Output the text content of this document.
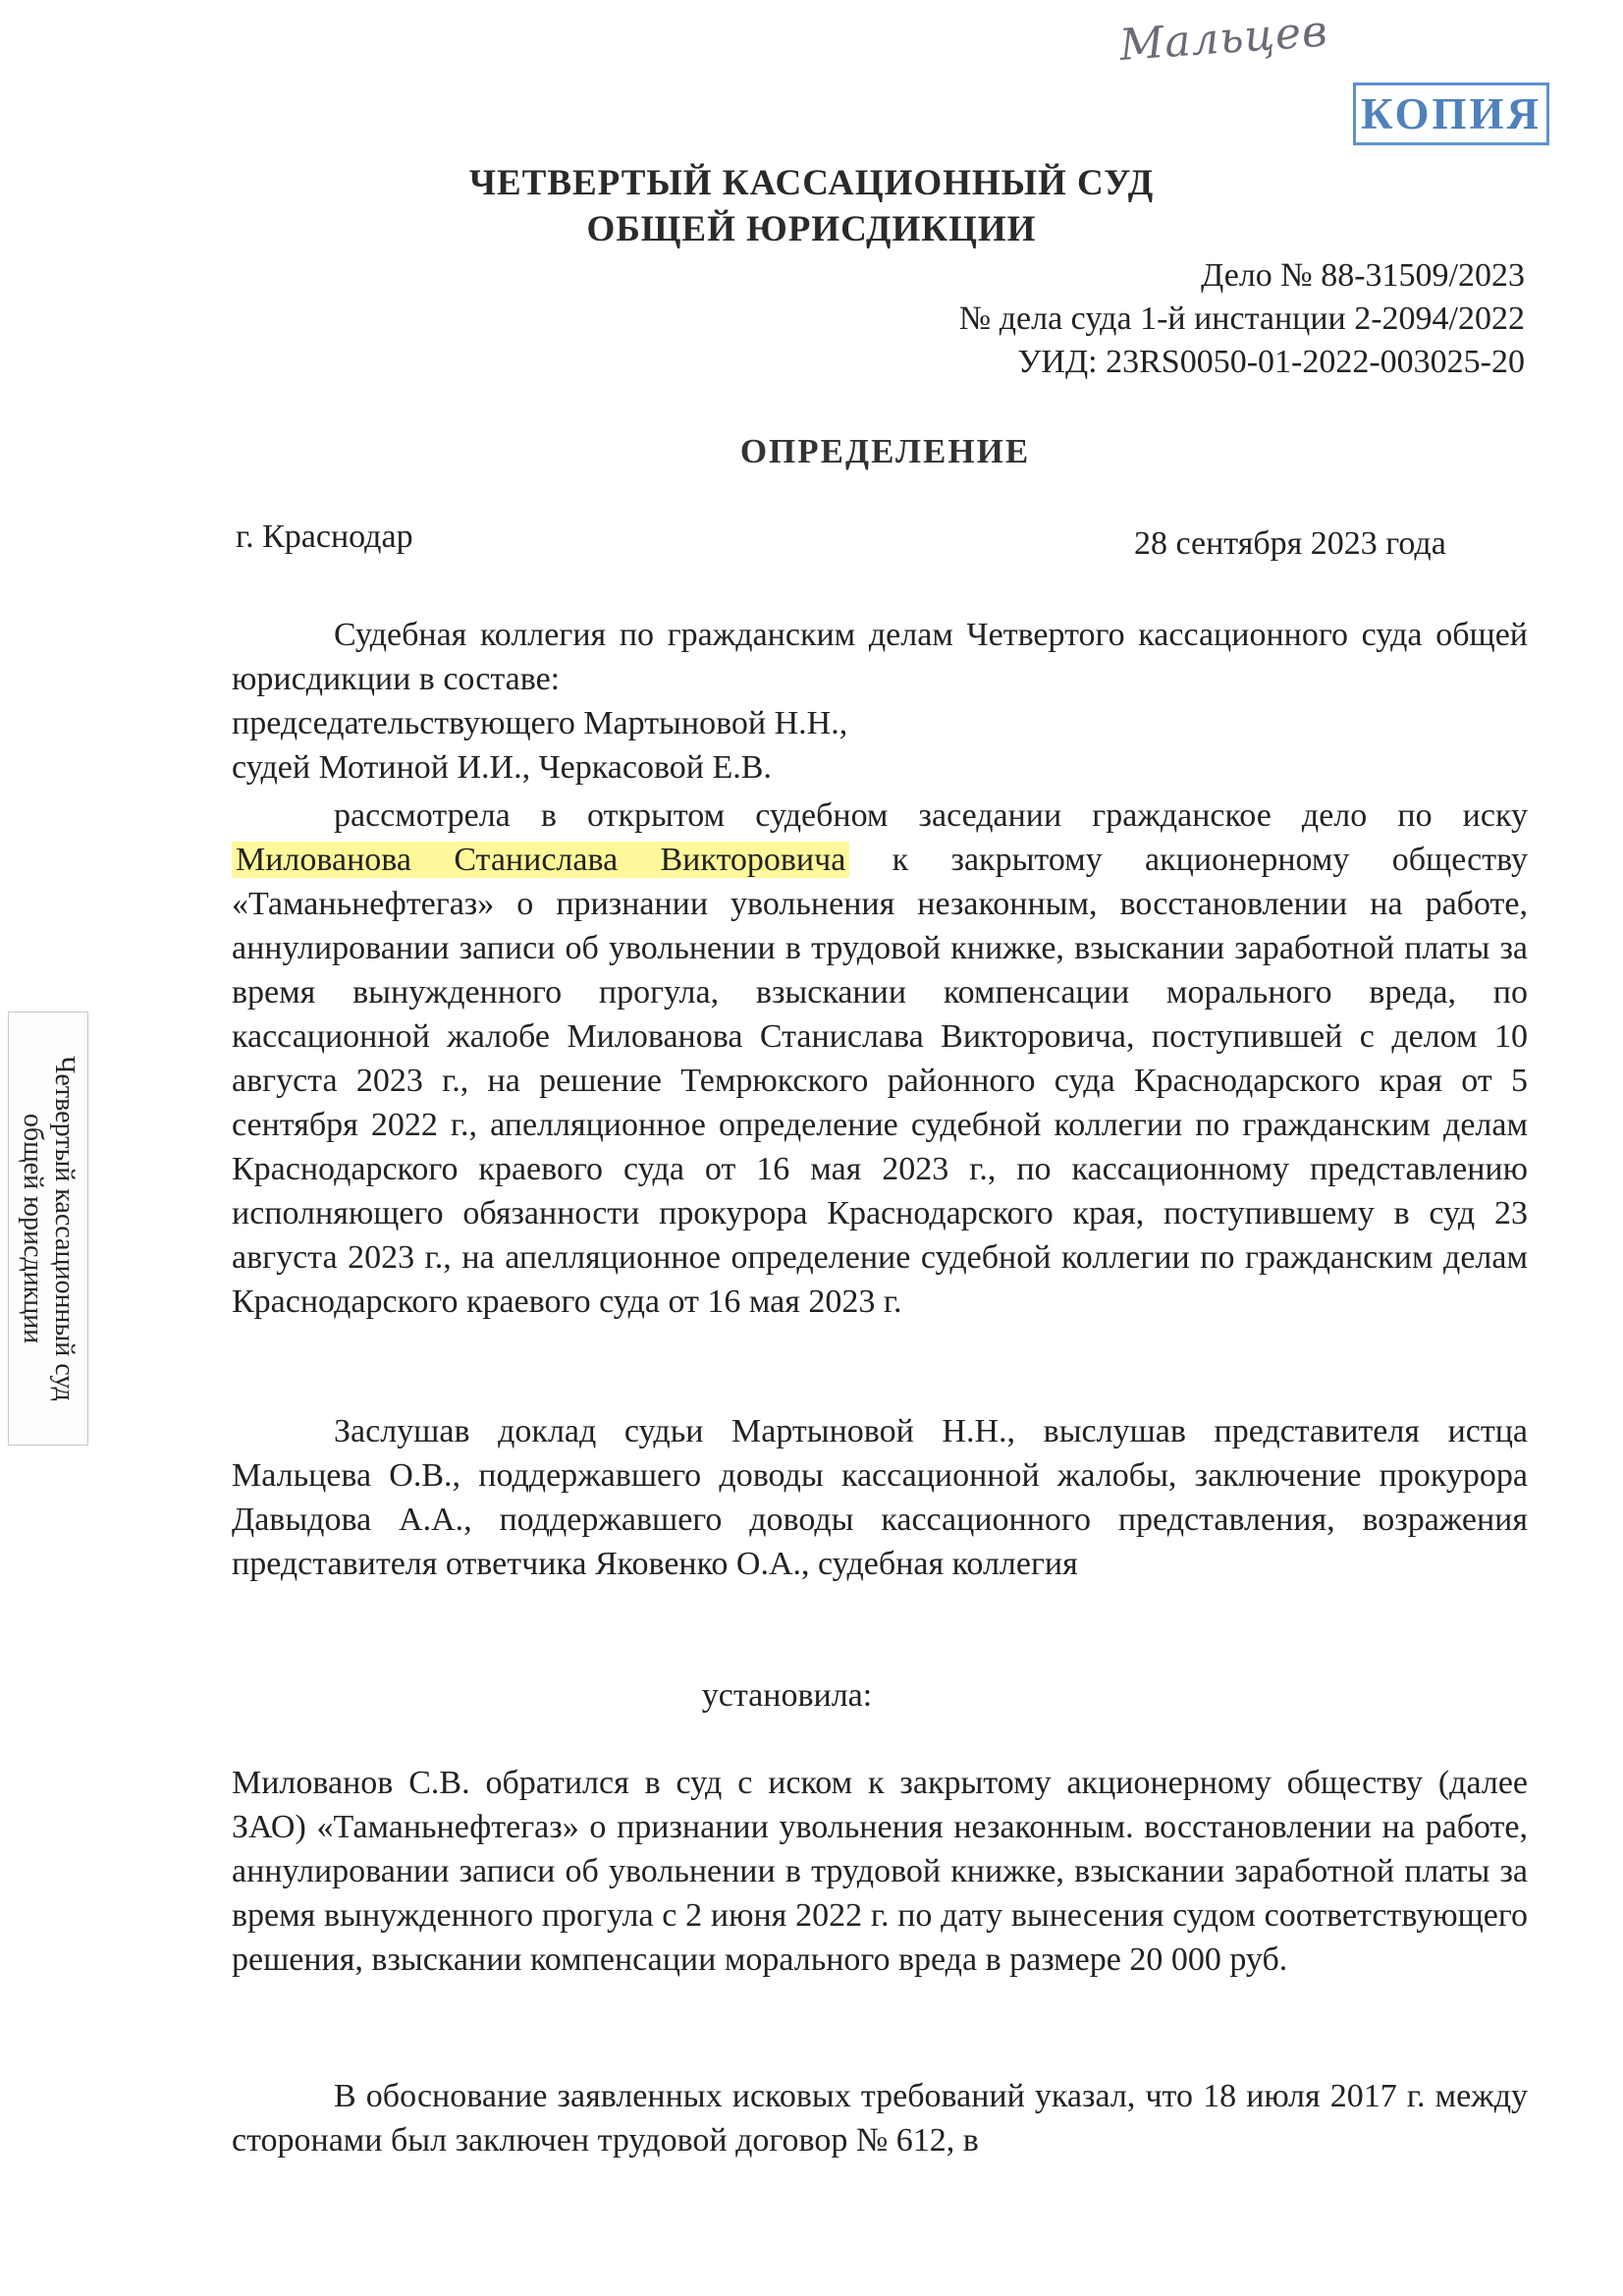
Мальцев
КОПИЯ
ЧЕТВЕРТЫЙ КАССАЦИОННЫЙ СУД
ОБЩЕЙ ЮРИСДИКЦИИ
Дело № 88-31509/2023
№ дела суда 1-й инстанции 2-2094/2022
УИД: 23RS0050-01-2022-003025-20
ОПРЕДЕЛЕНИЕ
г. Краснодар	28 сентября 2023 года
Судебная коллегия по гражданским делам Четвертого кассационного суда общей юрисдикции в составе:
председательствующего Мартыновой Н.Н.,
судей Мотиной И.И., Черкасовой Е.В.
рассмотрела в открытом судебном заседании гражданское дело по иску
Милованова Станислава Викторовича к закрытому акционерному обществу «Таманьнефтегаз» о признании увольнения незаконным, восстановлении на работе, аннулировании записи об увольнении в трудовой книжке, взыскании заработной платы за время вынужденного прогула, взыскании компенсации морального вреда, по кассационной жалобе Милованова Станислава Викторовича, поступившей с делом 10 августа 2023 г., на решение Темрюкского районного суда Краснодарского края от 5 сентября 2022 г., апелляционное определение судебной коллегии по гражданским делам Краснодарского краевого суда от 16 мая 2023 г., по кассационному представлению исполняющего обязанности прокурора Краснодарского края, поступившему в суд 23 августа 2023 г., на апелляционное определение судебной коллегии по гражданским делам Краснодарского краевого суда от 16 мая 2023 г.
Заслушав доклад судьи Мартыновой Н.Н., выслушав представителя истца Мальцева О.В., поддержавшего доводы кассационной жалобы, заключение прокурора Давыдова А.А., поддержавшего доводы кассационного представления, возражения представителя ответчика Яковенко О.А., судебная коллегия
установила:
Милованов С.В. обратился в суд с иском к закрытому акционерному обществу (далее ЗАО) «Таманьнефтегаз» о признании увольнения незаконным. восстановлении на работе, аннулировании записи об увольнении в трудовой книжке, взыскании заработной платы за время вынужденного прогула с 2 июня 2022 г. по дату вынесения судом соответствующего решения, взыскании компенсации морального вреда в размере 20 000 руб.
В обоснование заявленных исковых требований указал, что 18 июля 2017 г. между сторонами был заключен трудовой договор № 612, в
Четвертый кассационный суд
общей юрисдикции
